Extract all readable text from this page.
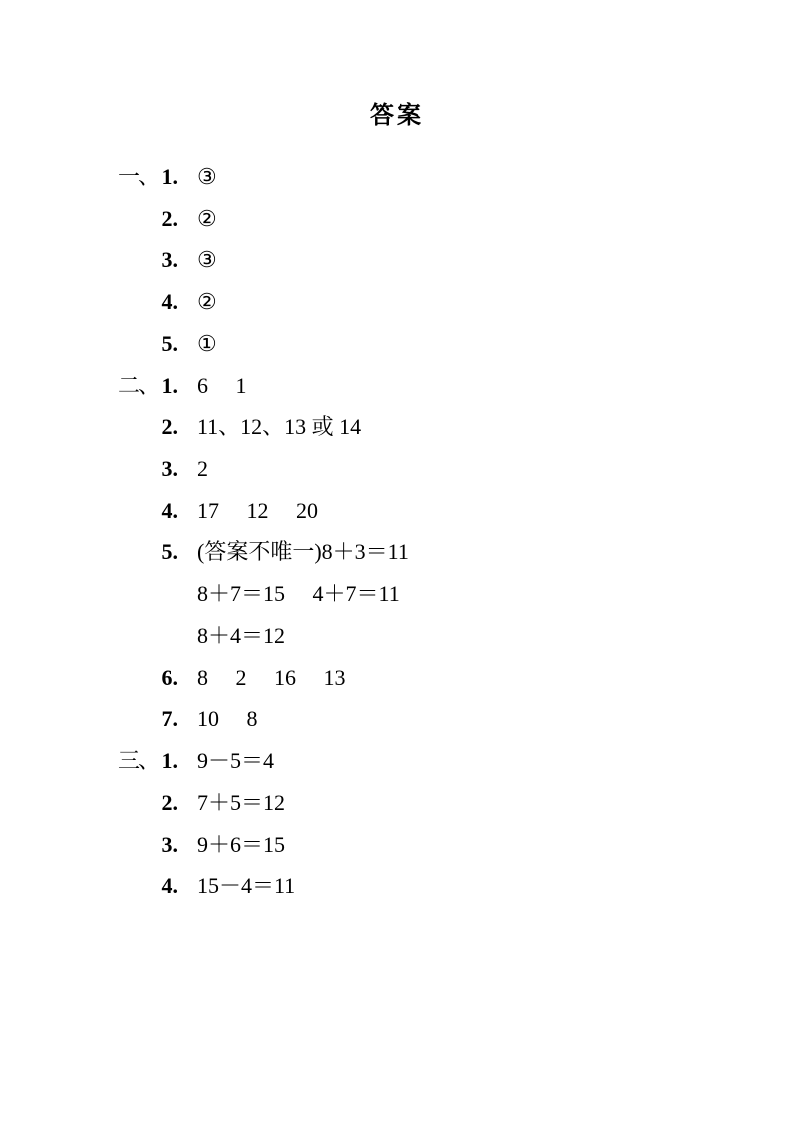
答案
一、 1. ③
2. ②
3. ③
4. ②
5. ①
二、 1. 6 1
2. 11、12、13 或 14
3. 2
4. 17 12 20
5. (答案不唯一)8＋3＝11
8＋7＝15 4＋7＝11
8＋4＝12
6. 8 2 16 13
7. 10 8
三、 1. 9－5＝4
2. 7＋5＝12
3. 9＋6＝15
4. 15－4＝11
